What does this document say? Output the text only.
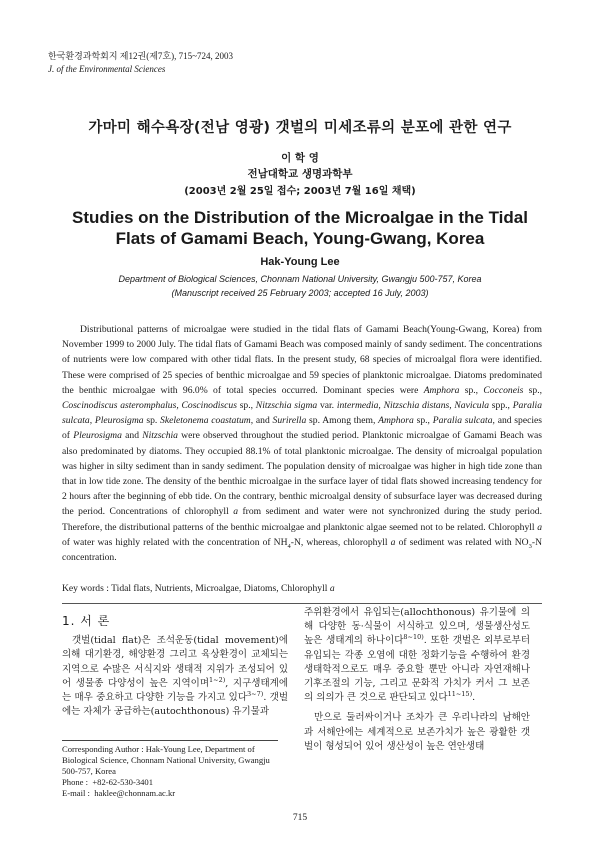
한국환경과학회지 제12권(제7호), 715~724, 2003
J. of the Environmental Sciences
가마미 해수욕장(전남 영광) 갯벌의 미세조류의 분포에 관한 연구
이 학 영
전남대학교 생명과학부
(2003년 2월 25일 접수; 2003년 7월 16일 채택)
Studies on the Distribution of the Microalgae in the Tidal
Flats of Gamami Beach, Young-Gwang, Korea
Hak-Young Lee
Department of Biological Sciences, Chonnam National University, Gwangju 500-757, Korea
(Manuscript received 25 February 2003; accepted 16 July, 2003)

Distributional patterns of microalgae were studied in the tidal flats of Gamami Beach(Young-Gwang, Korea) from November 1999 to 2000 July. The tidal flats of Gamami Beach was composed mainly of sandy sediment. The concentrations of nutrients were low compared with other tidal flats. In the present study, 68 species of microalgal flora were identified. These were comprised of 25 species of benthic microalgae and 59 species of planktonic microalgae. Diatoms predominated the benthic microalgae with 96.0% of total species occurred. Dominant species were Amphora sp., Cocconeis sp., Coscinodiscus asteromphalus, Coscinodiscus sp., Nitzschia sigma var. intermedia, Nitzschia distans, Navicula spp., Paralia sulcata, Pleurosigma sp. Skeletonema coastatum, and Surirella sp. Among them, Amphora sp., Paralia sulcata, and species of Pleurosigma and Nitzschia were observed throughout the studied period. Planktonic microalgae of Gamami Beach was also predominated by diatoms. They occupied 88.1% of total planktonic microalgae. The density of microalgal population was higher in silty sediment than in sandy sediment. The population density of microalgae was higher in high tide zone than that in low tide zone. The density of the benthic microalgae in the surface layer of tidal flats showed increasing tendency for 2 hours after the beginning of ebb tide. On the contrary, benthic microalgal density of subsurface layer was decreased during the period. Concentrations of chlorophyll a from sediment and water were not synchronized during the study period. Therefore, the distributional patterns of the benthic microalgae and planktonic algae seemed not to be related. Chlorophyll a of water was highly related with the concentration of $NH_4-N$, whereas, chlorophyll a of sediment was related with $NO_3-N$ concentration.

Key words : Tidal flats, Nutrients, Microalgae, Diatoms, Chlorophyll a
1. 서 론

갯벌(tidal flat)은 조석운동(tidal movement)에 의해 대기환경, 해양환경 그리고 육상환경이 교체되는 지역으로 수많은 서식지와 생태적 지위가 조성되어 있어 생물종 다양성이 높은 지역이며$^{1\sim 2)}$, 지구생태계에는 매우 중요하고 다양한 기능을 가지고 있다$^{3\sim 7)}$. 갯벌에는 자체가 공급하는(autochthonous) 유기물과

주위환경에서 유입되는(allochthonous) 유기물에 의해 다양한 동·식물이 서식하고 있으며, 생물생산성도 높은 생태계의 하나이다$^{8\sim 10)}$. 또한 갯벌은 외부로부터 유입되는 각종 오염에 대한 정화기능을 수행하여 환경생태학적으로도 매우 중요할 뿐만 아니라 자연재해나 기후조절의 기능, 그리고 문화적 가치가 커서 그 보존의 의의가 큰 것으로 판단되고 있다$^{11\sim 15)}$.

만으로 둘러싸이거나 조차가 큰 우리나라의 남해안과 서해안에는 세계적으로 보존가치가 높은 광활한 갯벌이 형성되어 있어 생산성이 높은 연안생태

Corresponding Author : Hak-Young Lee, Department of
Biological Science, Chonnam National University, Gwangju
500-757, Korea
Phone :  +82-62-530-3401
E-mail :  haklee@chonnam.ac.kr
715
